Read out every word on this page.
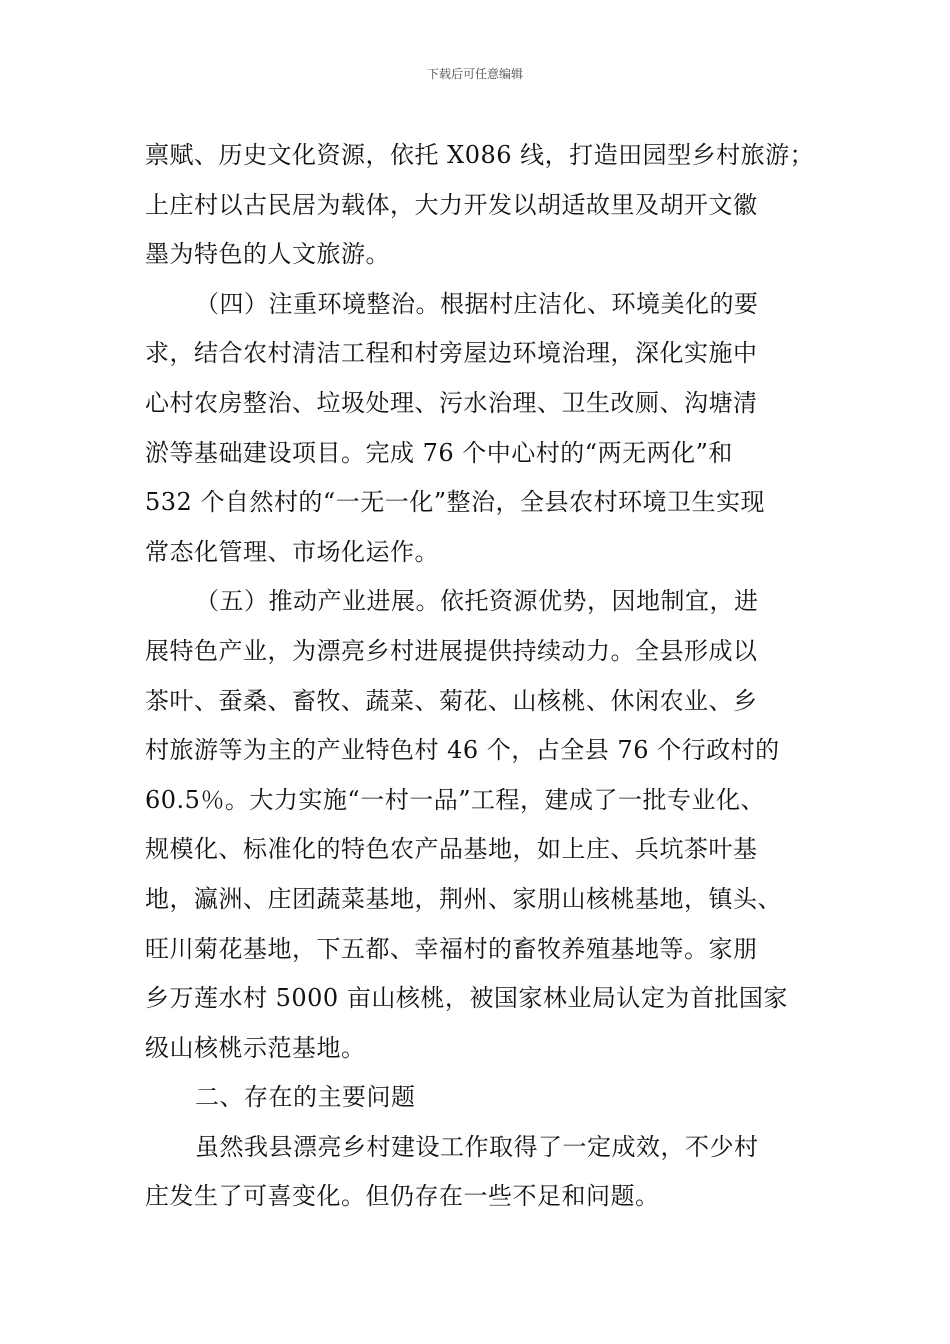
下载后可任意编辑
禀赋、历史文化资源，依托 X086 线，打造田园型乡村旅游；
上庄村以古民居为载体，大力开发以胡适故里及胡开文徽
墨为特色的人文旅游。
（四）注重环境整治。根据村庄洁化、环境美化的要
求，结合农村清洁工程和村旁屋边环境治理，深化实施中
心村农房整治、垃圾处理、污水治理、卫生改厕、沟塘清
淤等基础建设项目。完成 76 个中心村的“两无两化”和
532 个自然村的“一无一化”整治，全县农村环境卫生实现
常态化管理、市场化运作。
（五）推动产业进展。依托资源优势，因地制宜，进
展特色产业，为漂亮乡村进展提供持续动力。全县形成以
茶叶、蚕桑、畜牧、蔬菜、菊花、山核桃、休闲农业、乡
村旅游等为主的产业特色村 46 个，占全县 76 个行政村的
60.5％。大力实施“一村一品”工程，建成了一批专业化、
规模化、标准化的特色农产品基地，如上庄、兵坑茶叶基
地，瀛洲、庄团蔬菜基地，荆州、家朋山核桃基地，镇头、
旺川菊花基地，下五都、幸福村的畜牧养殖基地等。家朋
乡万莲水村 5000 亩山核桃，被国家林业局认定为首批国家
级山核桃示范基地。
二、存在的主要问题
虽然我县漂亮乡村建设工作取得了一定成效，不少村
庄发生了可喜变化。但仍存在一些不足和问题。
